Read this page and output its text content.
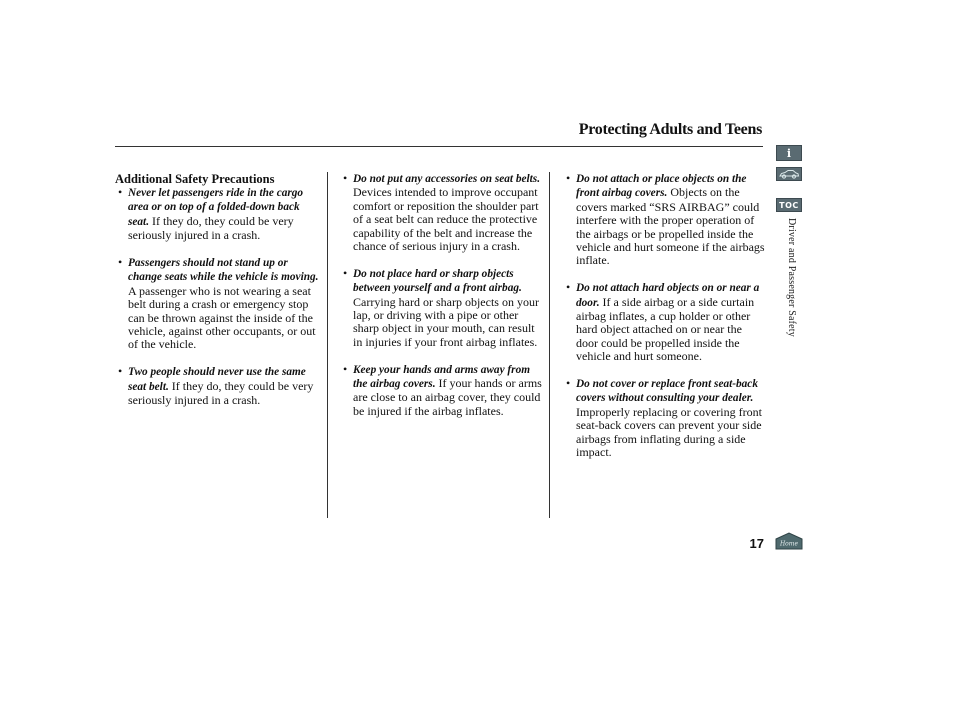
Protecting Adults and Teens
Additional Safety Precautions
• Never let passengers ride in the cargo area or on top of a folded-down back seat. If they do, they could be very seriously injured in a crash.
• Passengers should not stand up or change seats while the vehicle is moving. A passenger who is not wearing a seat belt during a crash or emergency stop can be thrown against the inside of the vehicle, against other occupants, or out of the vehicle.
• Two people should never use the same seat belt. If they do, they could be very seriously injured in a crash.
• Do not put any accessories on seat belts. Devices intended to improve occupant comfort or reposition the shoulder part of a seat belt can reduce the protective capability of the belt and increase the chance of serious injury in a crash.
• Do not place hard or sharp objects between yourself and a front airbag. Carrying hard or sharp objects on your lap, or driving with a pipe or other sharp object in your mouth, can result in injuries if your front airbag inflates.
• Keep your hands and arms away from the airbag covers. If your hands or arms are close to an airbag cover, they could be injured if the airbag inflates.
• Do not attach or place objects on the front airbag covers. Objects on the covers marked “SRS AIRBAG” could interfere with the proper operation of the airbags or be propelled inside the vehicle and hurt someone if the airbags inflate.
• Do not attach hard objects on or near a door. If a side airbag or a side curtain airbag inflates, a cup holder or other hard object attached on or near the door could be propelled inside the vehicle and hurt someone.
• Do not cover or replace front seat-back covers without consulting your dealer. Improperly replacing or covering front seat-back covers can prevent your side airbags from inflating during a side impact.
i
TOC
Driver and Passenger Safety
17	Home
